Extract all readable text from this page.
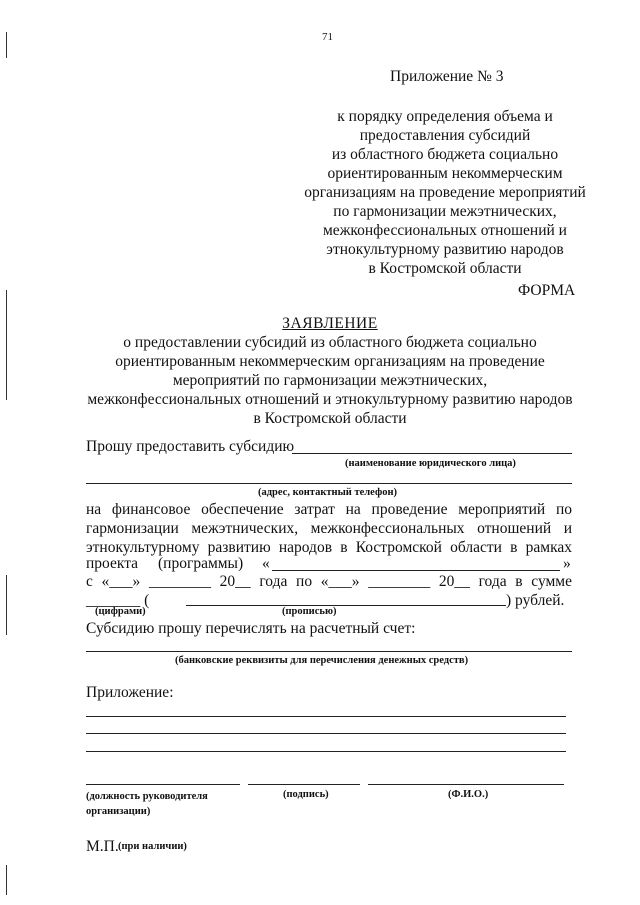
71
Приложение № 3
к порядку определения объема и
предоставления субсидий
из областного бюджета социально
ориентированным некоммерческим
организациям на проведение мероприятий
по гармонизации межэтнических,
межконфессиональных отношений и
этнокультурному развитию народов
в Костромской области
ФОРМА
ЗАЯВЛЕНИЕ
о предоставлении субсидий из областного бюджета социально
ориентированным некоммерческим организациям на проведение
мероприятий по гармонизации межэтнических,
межконфессиональных отношений и этнокультурному развитию народов
в Костромской области
Прошу предоставить субсидию
(наименование юридического лица)
(адрес, контактный телефон)
на финансовое обеспечение затрат на проведение мероприятий по
гармонизации межэтнических, межконфессиональных отношений и
этнокультурному развитию народов в Костромской области в рамках
проекта (программы) «	»
с «___» ________ 20__ года по «___» ________ 20__ года в сумме
_______ (	) рублей.
(цифрами)	(прописью)
Субсидию прошу перечислять на расчетный счет:
(банковские реквизиты для перечисления денежных средств)
Приложение:
(должность руководителя
организации)
(подпись)	(Ф.И.О.)
М.П. (при наличии)
